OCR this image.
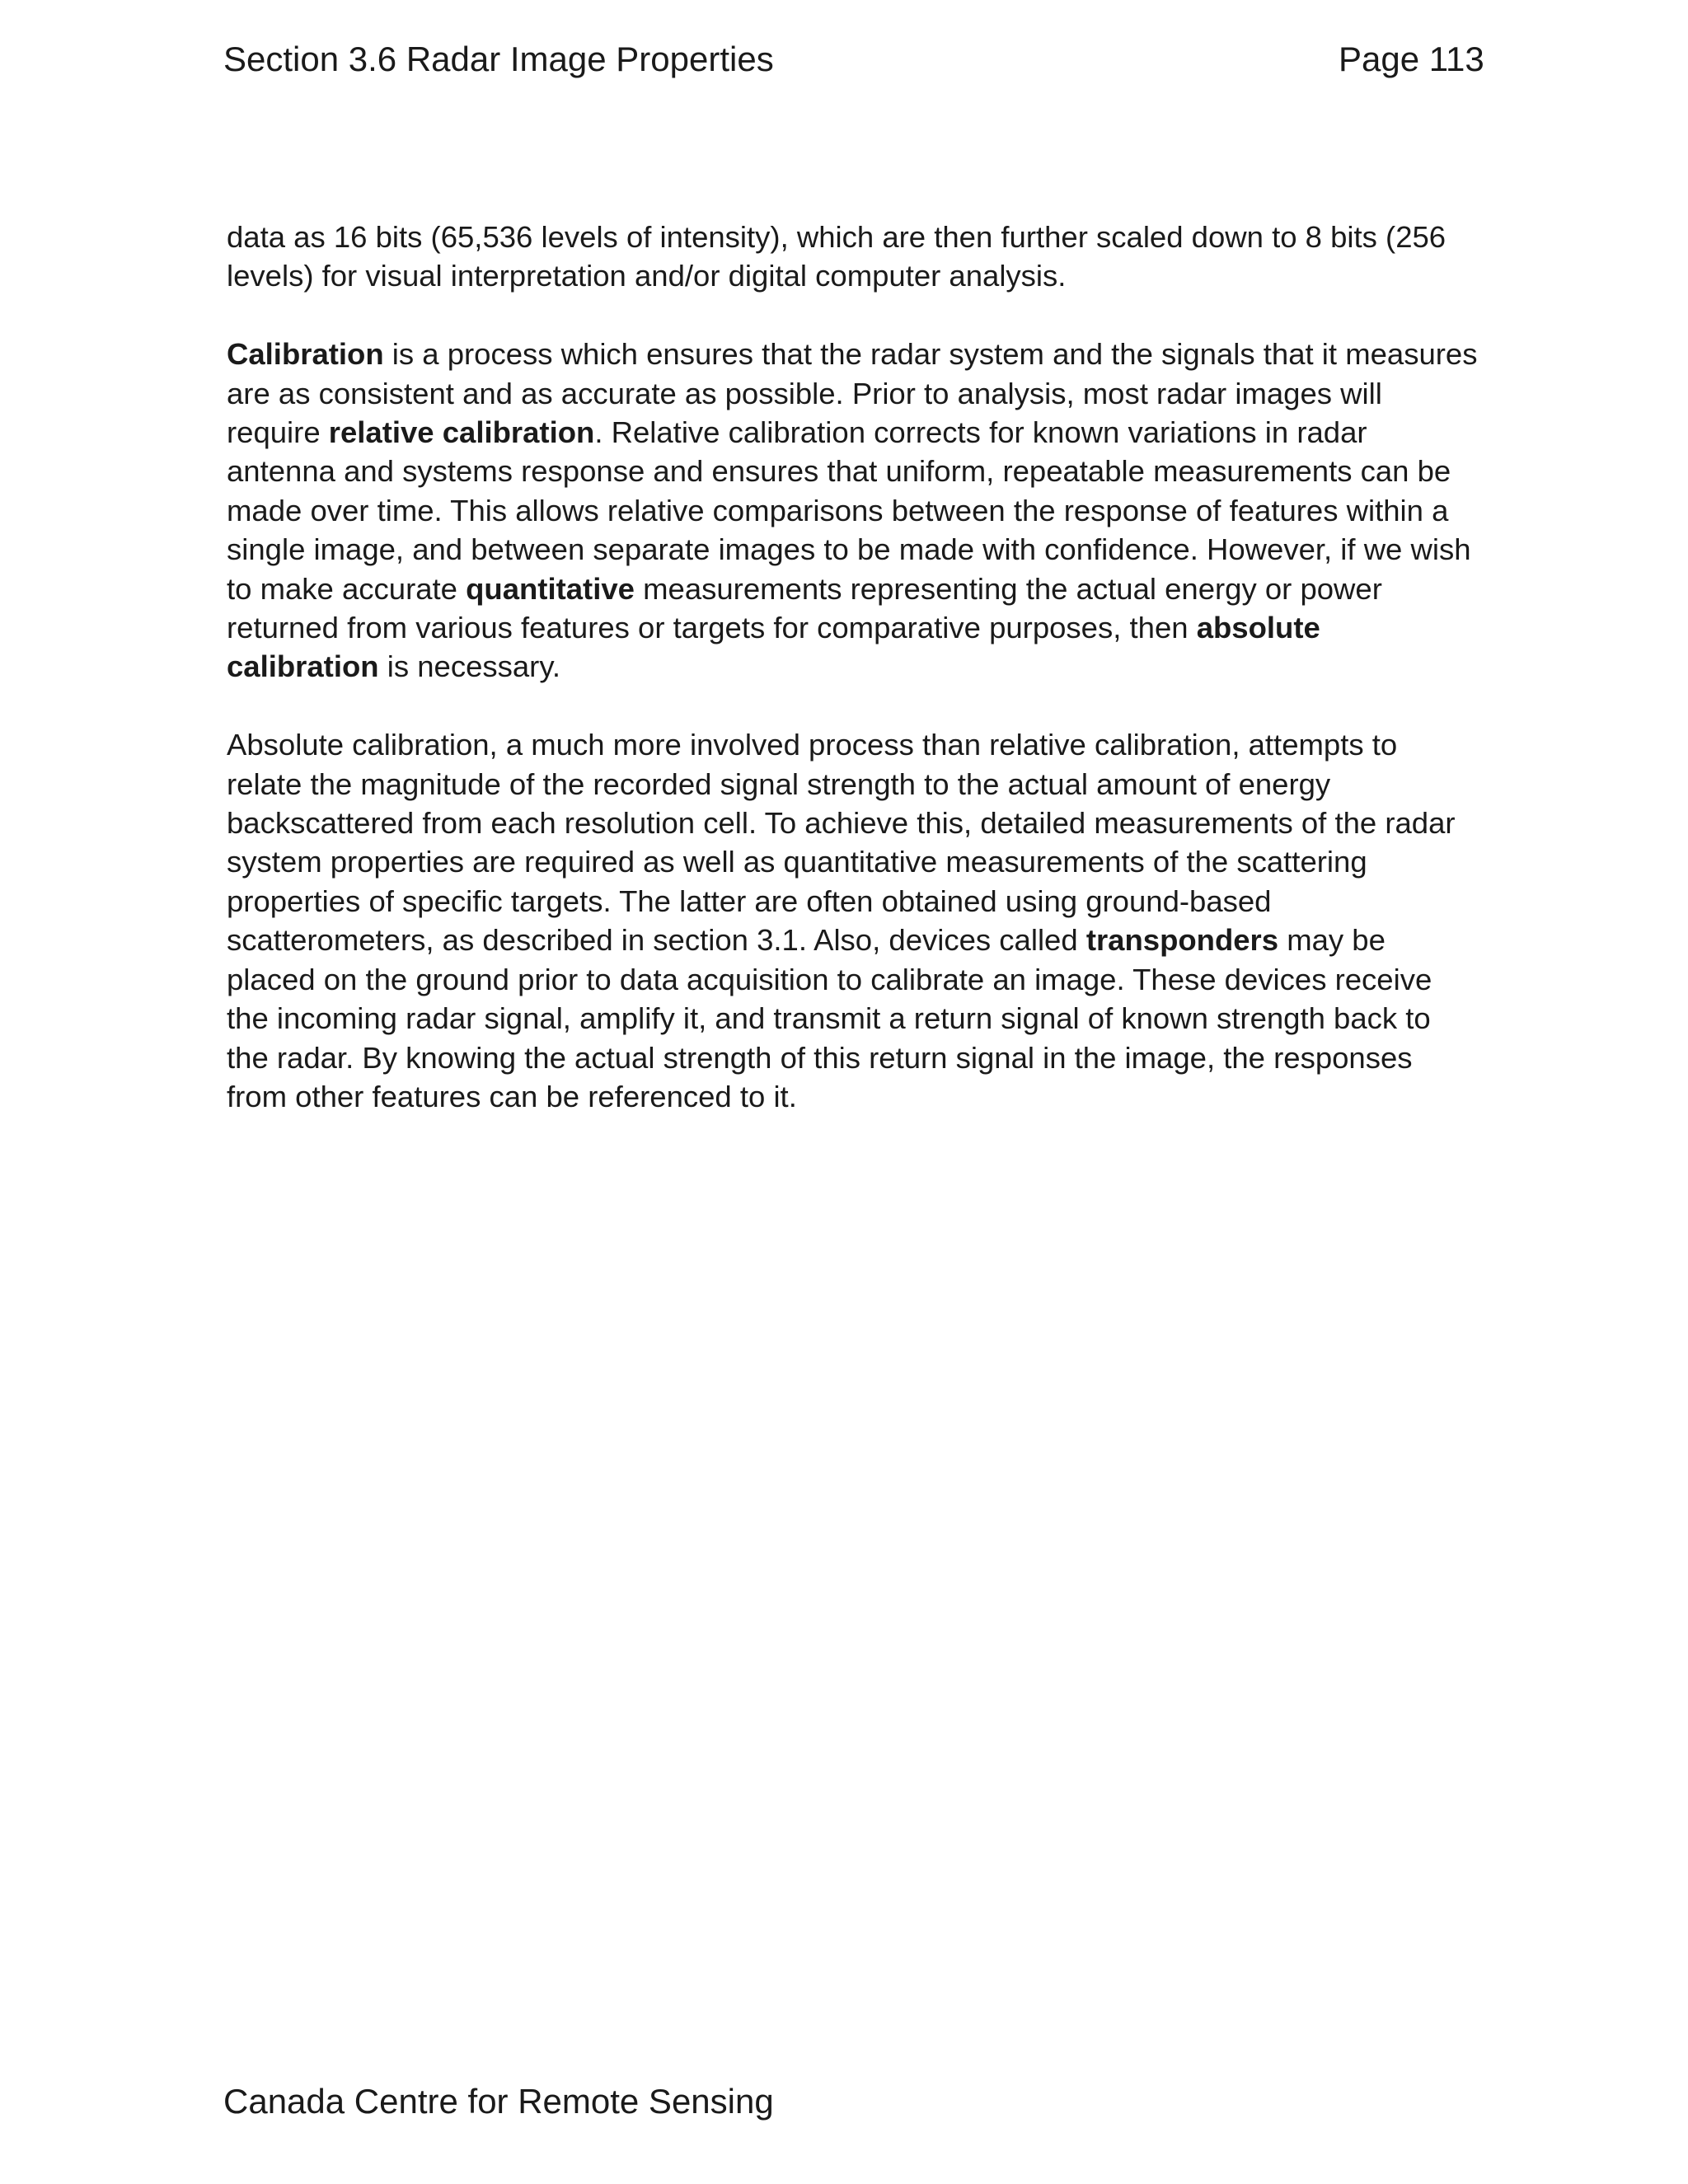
Section 3.6 Radar Image Properties	Page 113

data as 16 bits (65,536 levels of intensity), which are then further scaled down to 8 bits (256 levels) for visual interpretation and/or digital computer analysis.

Calibration is a process which ensures that the radar system and the signals that it measures are as consistent and as accurate as possible. Prior to analysis, most radar images will require relative calibration. Relative calibration corrects for known variations in radar antenna and systems response and ensures that uniform, repeatable measurements can be made over time. This allows relative comparisons between the response of features within a single image, and between separate images to be made with confidence. However, if we wish to make accurate quantitative measurements representing the actual energy or power returned from various features or targets for comparative purposes, then absolute calibration is necessary.

Absolute calibration, a much more involved process than relative calibration, attempts to relate the magnitude of the recorded signal strength to the actual amount of energy backscattered from each resolution cell. To achieve this, detailed measurements of the radar system properties are required as well as quantitative measurements of the scattering properties of specific targets. The latter are often obtained using ground-based scatterometers, as described in section 3.1. Also, devices called transponders may be placed on the ground prior to data acquisition to calibrate an image. These devices receive the incoming radar signal, amplify it, and transmit a return signal of known strength back to the radar. By knowing the actual strength of this return signal in the image, the responses from other features can be referenced to it.

Canada Centre for Remote Sensing
